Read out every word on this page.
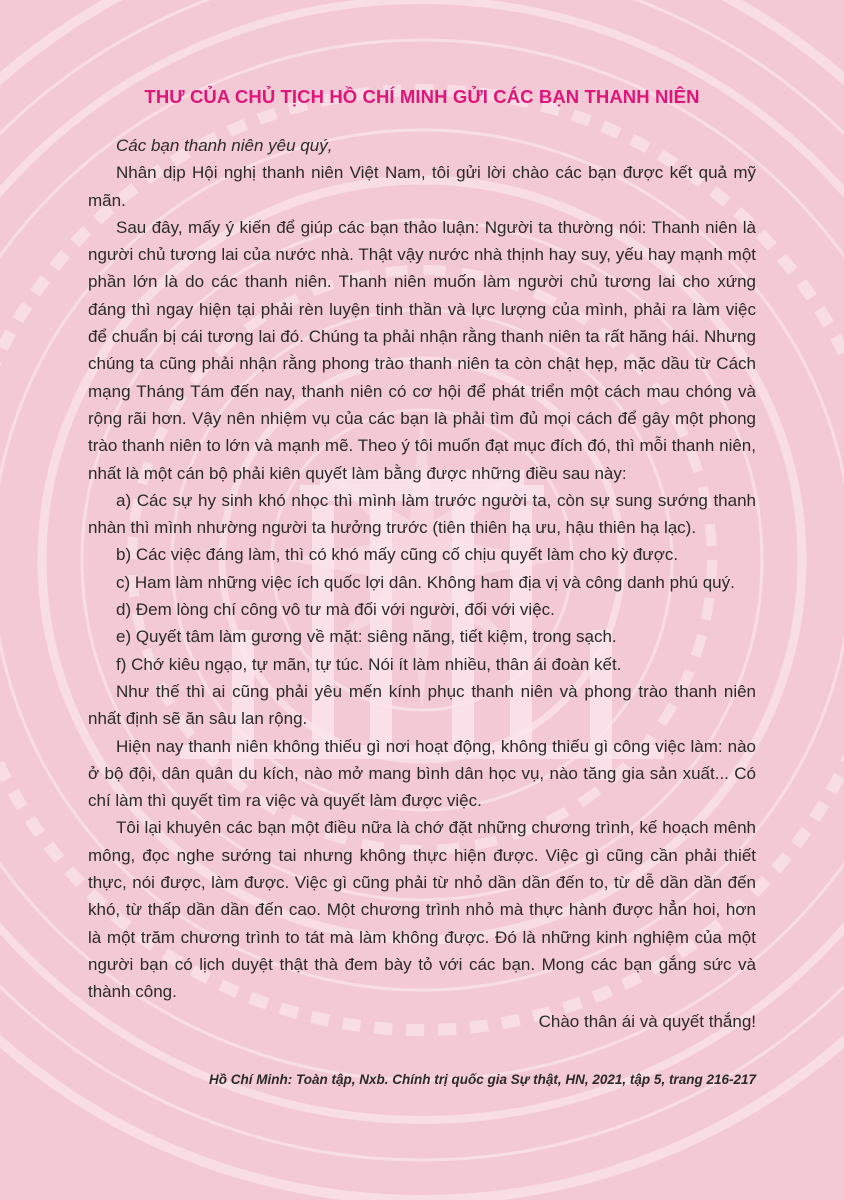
THƯ CỦA CHỦ TỊCH HỒ CHÍ MINH GỬI CÁC BẠN THANH NIÊN

Các bạn thanh niên yêu quý,

Nhân dịp Hội nghị thanh niên Việt Nam, tôi gửi lời chào các bạn được kết quả mỹ mãn.

Sau đây, mấy ý kiến để giúp các bạn thảo luận: Người ta thường nói: Thanh niên là người chủ tương lai của nước nhà. Thật vậy nước nhà thịnh hay suy, yếu hay mạnh một phần lớn là do các thanh niên. Thanh niên muốn làm người chủ tương lai cho xứng đáng thì ngay hiện tại phải rèn luyện tinh thần và lực lượng của mình, phải ra làm việc để chuẩn bị cái tương lai đó. Chúng ta phải nhận rằng thanh niên ta rất hăng hái. Nhưng chúng ta cũng phải nhận rằng phong trào thanh niên ta còn chật hẹp, mặc dầu từ Cách mạng Tháng Tám đến nay, thanh niên có cơ hội để phát triển một cách mau chóng và rộng rãi hơn. Vậy nên nhiệm vụ của các bạn là phải tìm đủ mọi cách để gây một phong trào thanh niên to lớn và mạnh mẽ. Theo ý tôi muốn đạt mục đích đó, thì mỗi thanh niên, nhất là một cán bộ phải kiên quyết làm bằng được những điều sau này:

a) Các sự hy sinh khó nhọc thì mình làm trước người ta, còn sự sung sướng thanh nhàn thì mình nhường người ta hưởng trước (tiên thiên hạ ưu, hậu thiên hạ lạc).

b) Các việc đáng làm, thì có khó mấy cũng cố chịu quyết làm cho kỳ được.

c) Ham làm những việc ích quốc lợi dân. Không ham địa vị và công danh phú quý.

d) Đem lòng chí công vô tư mà đối với người, đối với việc.

e) Quyết tâm làm gương về mặt: siêng năng, tiết kiệm, trong sạch.

f) Chớ kiêu ngạo, tự mãn, tự túc. Nói ít làm nhiều, thân ái đoàn kết.

Như thế thì ai cũng phải yêu mến kính phục thanh niên và phong trào thanh niên nhất định sẽ ăn sâu lan rộng.

Hiện nay thanh niên không thiếu gì nơi hoạt động, không thiếu gì công việc làm: nào ở bộ đội, dân quân du kích, nào mở mang bình dân học vụ, nào tăng gia sản xuất... Có chí làm thì quyết tìm ra việc và quyết làm được việc.

Tôi lại khuyên các bạn một điều nữa là chớ đặt những chương trình, kế hoạch mênh mông, đọc nghe sướng tai nhưng không thực hiện được. Việc gì cũng cần phải thiết thực, nói được, làm được. Việc gì cũng phải từ nhỏ dần dần đến to, từ dễ dần dần đến khó, từ thấp dần dần đến cao. Một chương trình nhỏ mà thực hành được hẳn hoi, hơn là một trăm chương trình to tát mà làm không được. Đó là những kinh nghiệm của một người bạn có lịch duyệt thật thà đem bày tỏ với các bạn. Mong các bạn gắng sức và thành công.

Chào thân ái và quyết thắng!

Hồ Chí Minh: Toàn tập, Nxb. Chính trị quốc gia Sự thật, HN, 2021, tập 5, trang 216-217
